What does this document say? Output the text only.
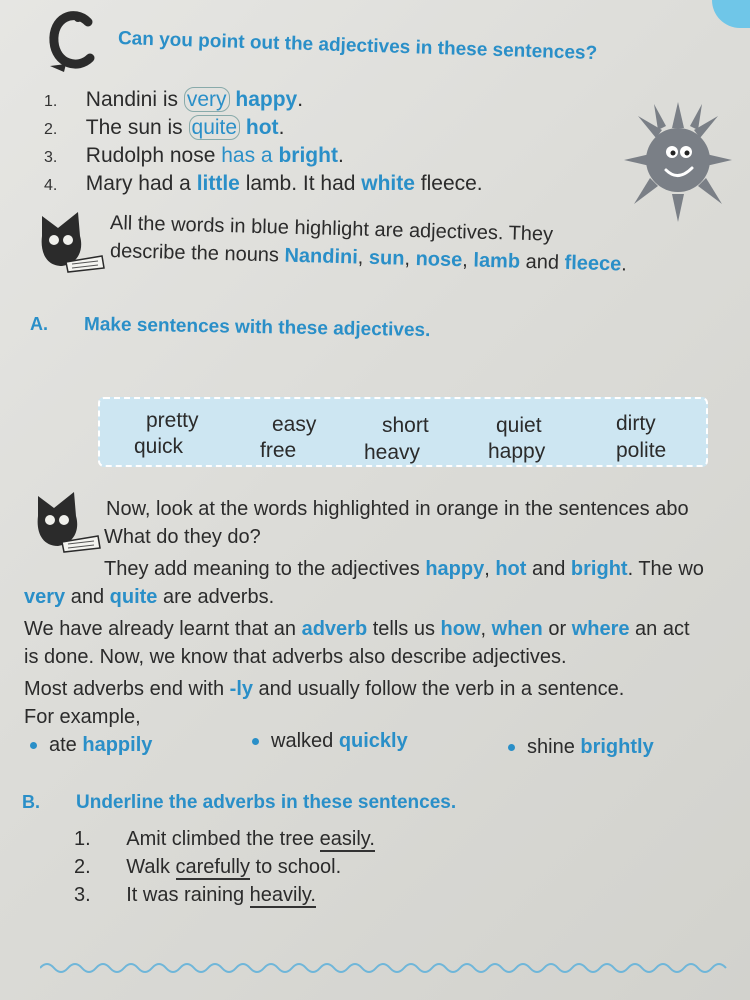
Can you point out the adjectives in these sentences?
1. Nandini is very happy.
2. The sun is quite hot.
3. Rudolph nose has a bright.
4. Mary had a little lamb. It had white fleece.
All the words in blue highlight are adjectives. They
describe the nouns Nandini, sun, nose, lamb and fleece.
A. Make sentences with these adjectives.
pretty	easy	short	quiet	dirty
quick	free	heavy	happy	polite
Now, look at the words highlighted in orange in the sentences abo
What do they do?
They add meaning to the adjectives happy, hot and bright. The wo
very and quite are adverbs.
We have already learnt that an adverb tells us how, when or where an act
is done. Now, we know that adverbs also describe adjectives.
Most adverbs end with -ly and usually follow the verb in a sentence.
For example,
ate happily	walked quickly	shine brightly
B. Underline the adverbs in these sentences.
1. Amit climbed the tree easily.
2. Walk carefully to school.
3. It was raining heavily.
